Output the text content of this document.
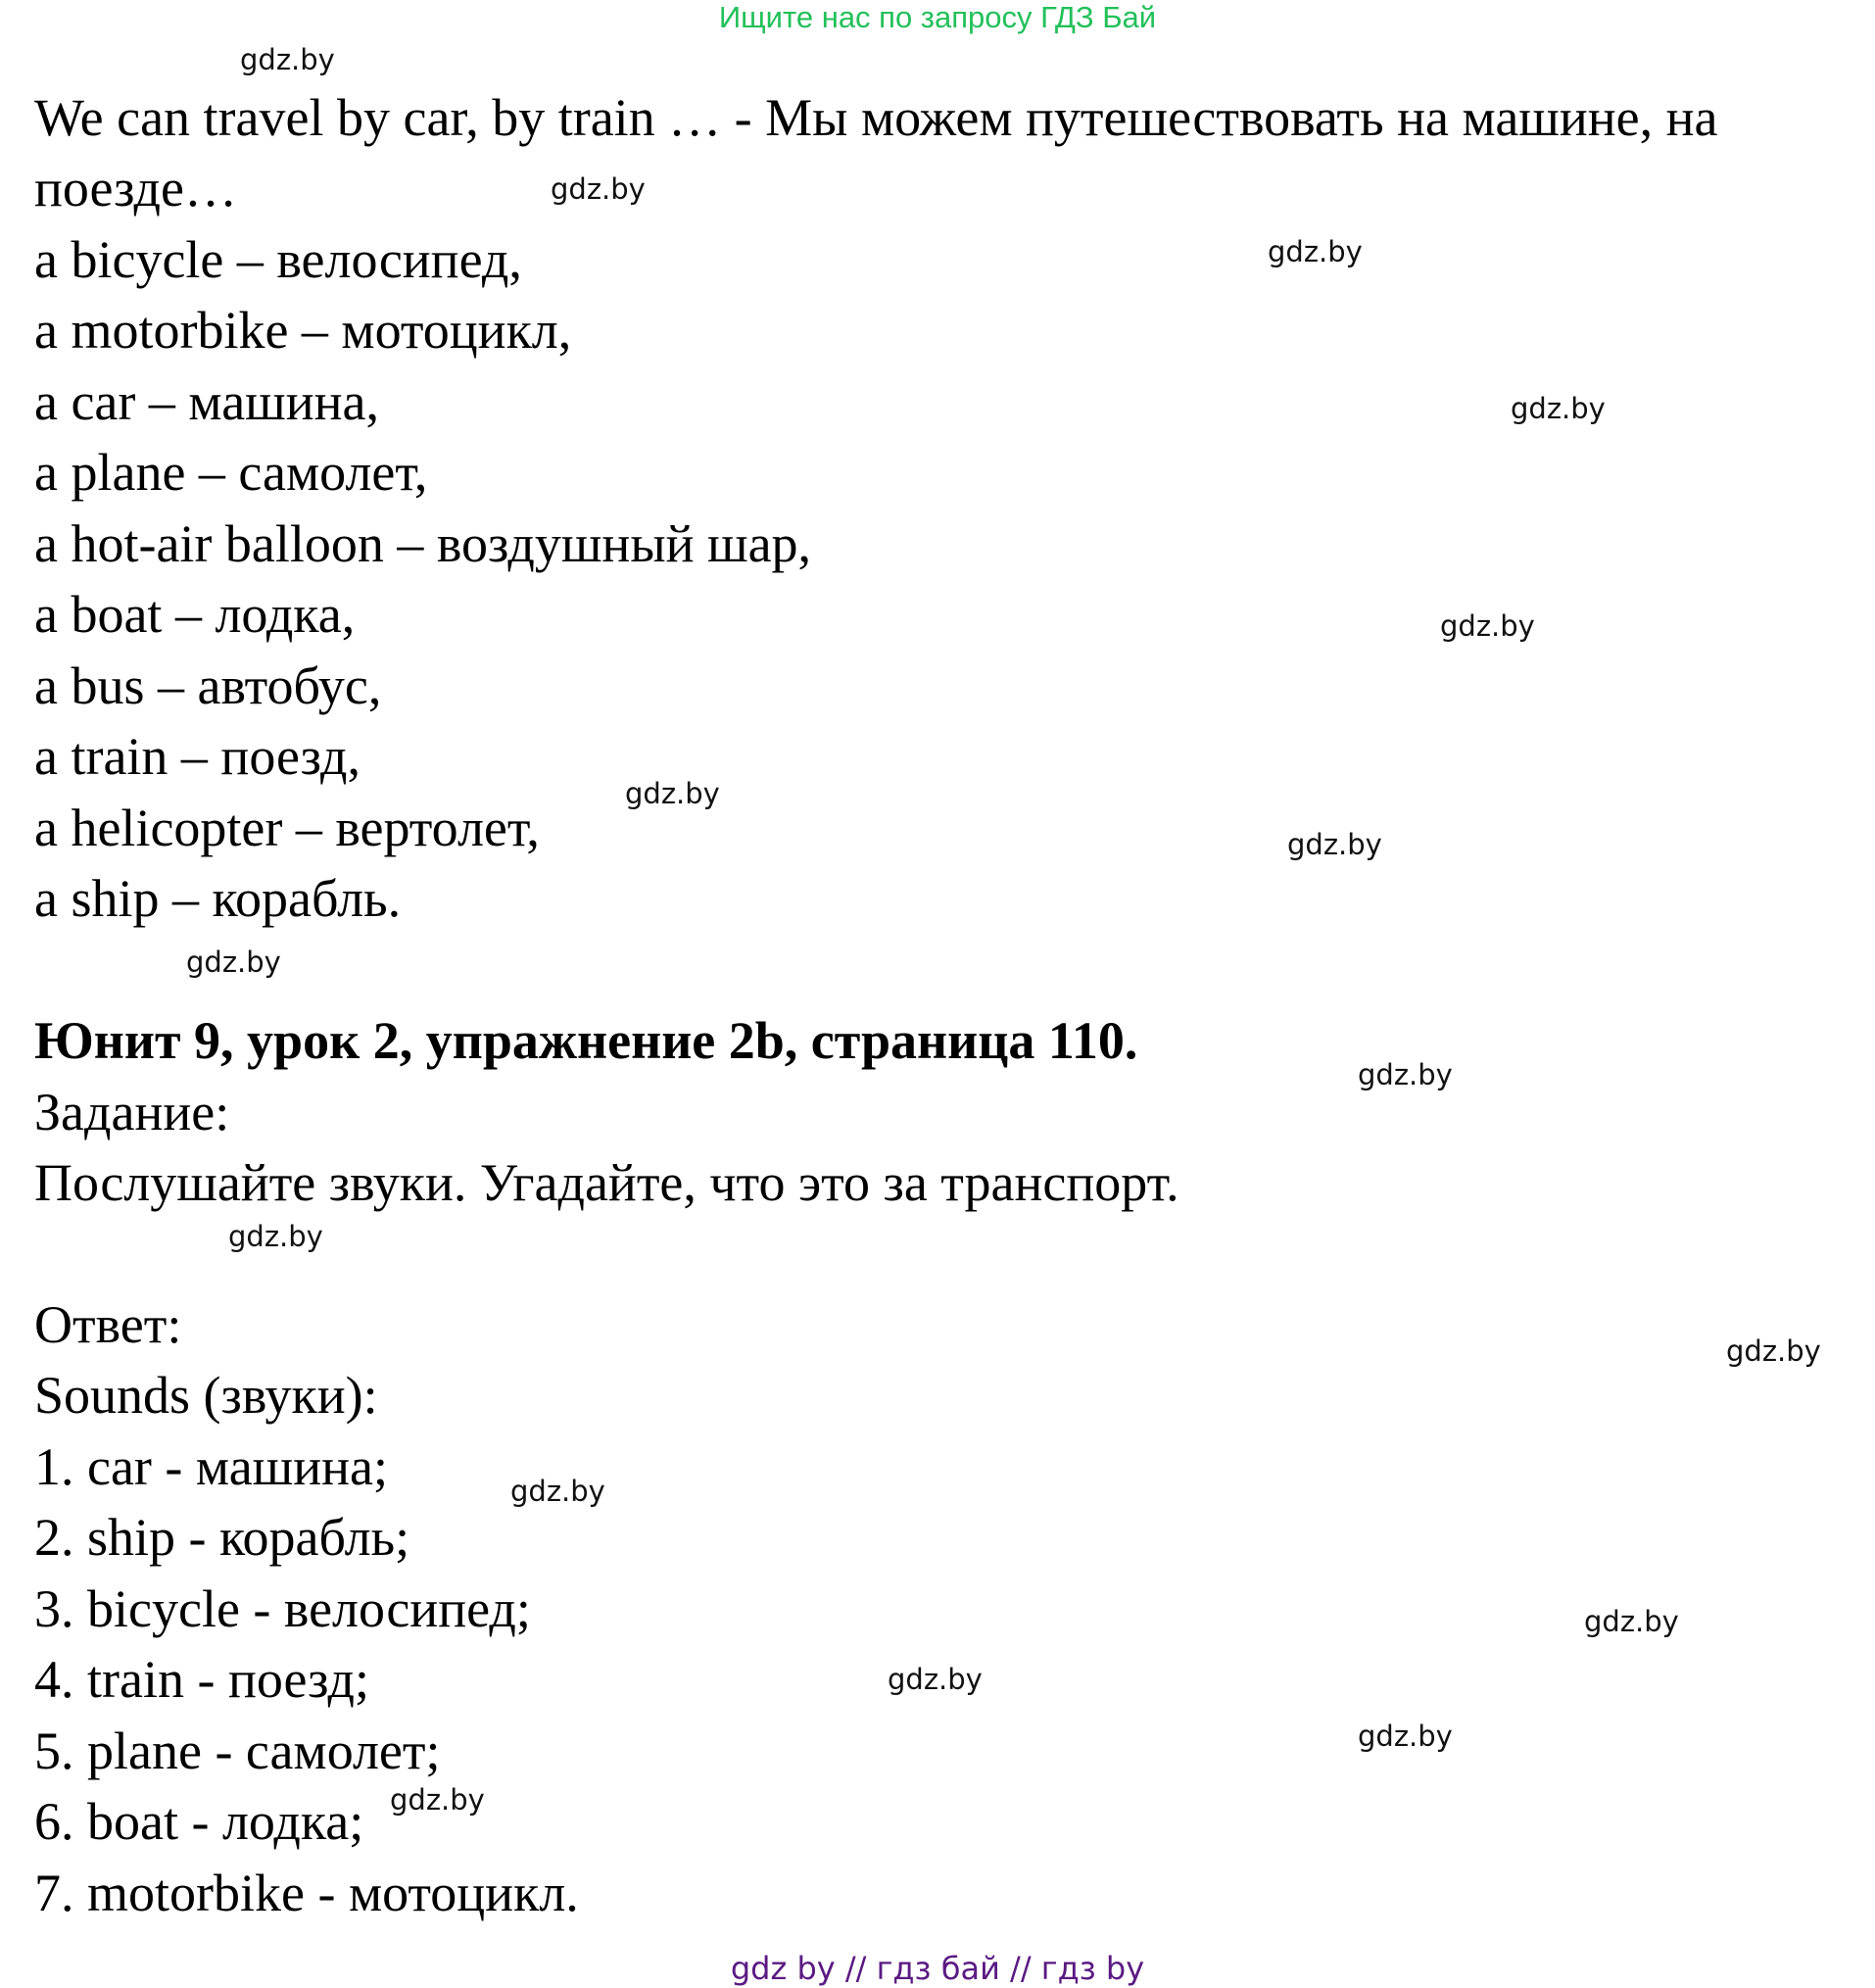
Ищите нас по запросу ГДЗ Бай
We can travel by car, by train … - Мы можем путешествовать на машине, на
поезде…
a bicycle – велосипед,
a motorbike – мотоцикл,
a car – машина,
a plane – самолет,
a hot-air balloon – воздушный шар,
a boat – лодка,
a bus – автобус,
a train – поезд,
a helicopter – вертолет,
a ship – корабль.
Юнит 9, урок 2, упражнение 2b, страница 110.
Задание:
Послушайте звуки. Угадайте, что это за транспорт.
Ответ:
Sounds (звуки):
1. car - машина;
2. ship - корабль;
3. bicycle - велосипед;
4. train - поезд;
5. plane - самолет;
6. boat - лодка;
7. motorbike - мотоцикл.
gdz.by
gdz.by
gdz.by
gdz.by
gdz.by
gdz.by
gdz.by
gdz.by
gdz.by
gdz.by
gdz.by
gdz.by
gdz.by
gdz.by
gdz.by
gdz.by
gdz by // гдз бай // гдз by
